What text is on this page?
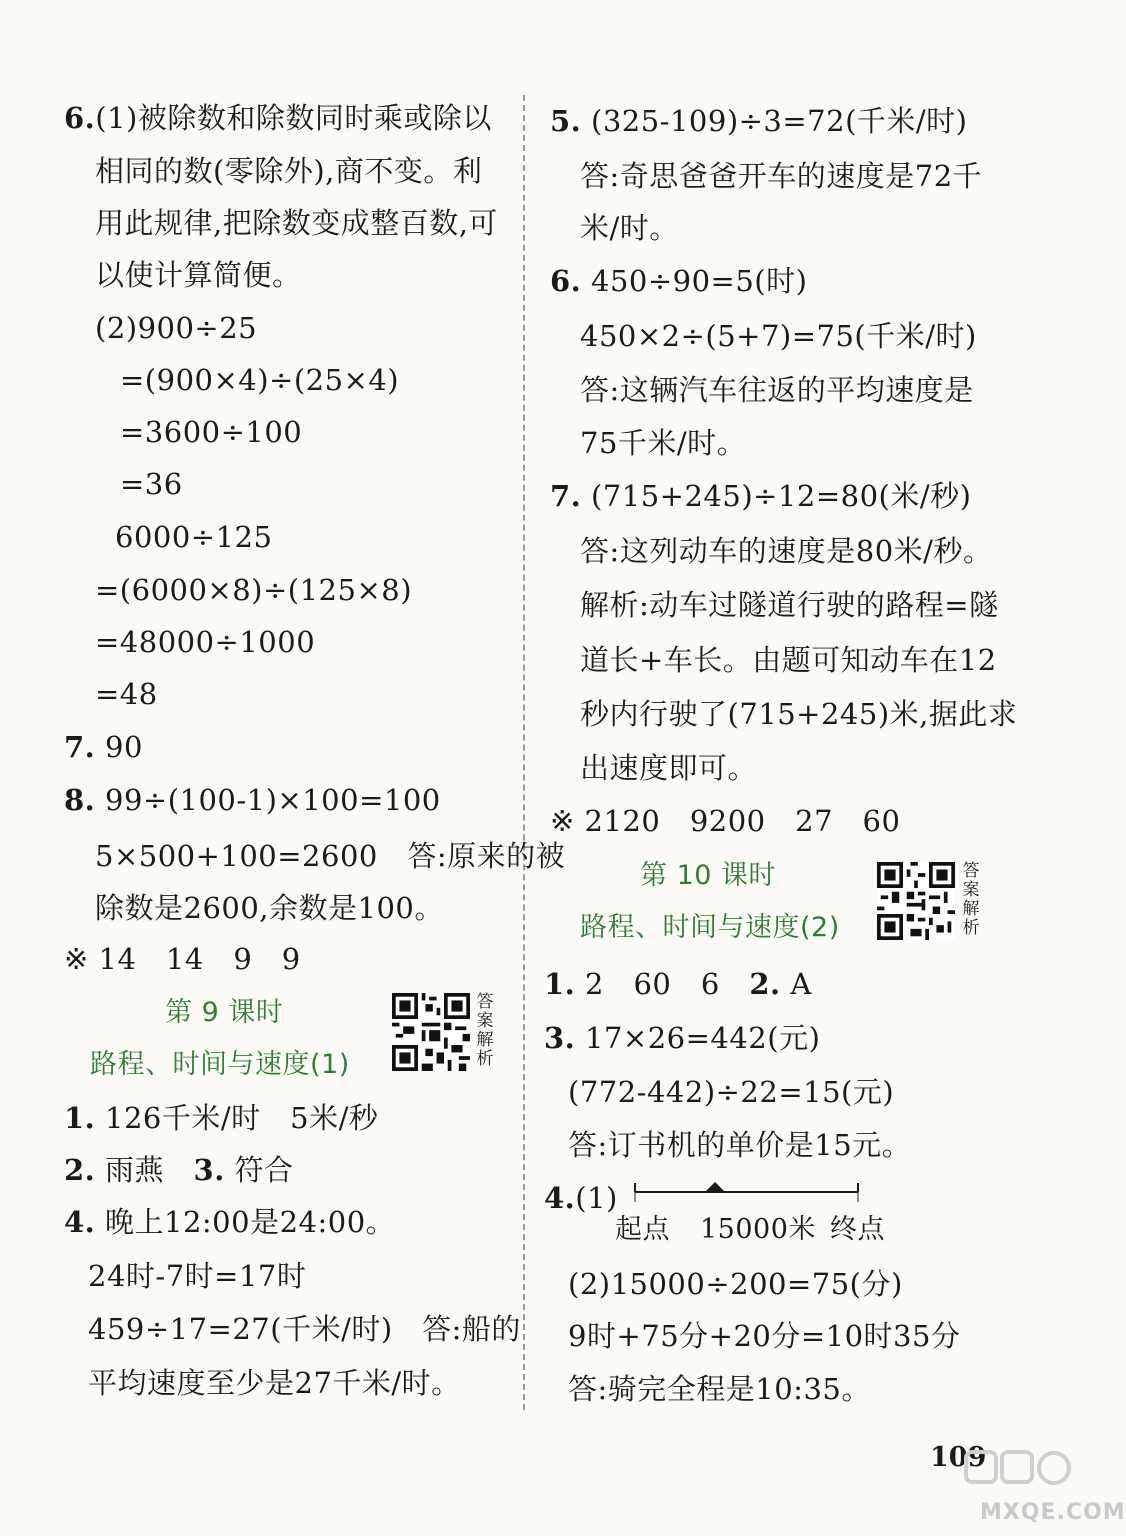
6.(1)被除数和除数同时乘或除以
相同的数(零除外),商不变。利
用此规律,把除数变成整百数,可
以使计算简便。
(2)900÷25
=(900×4)÷(25×4)
=3600÷100
=36
6000÷125
=(6000×8)÷(125×8)
=48000÷1000
=48
7. 90
8. 99÷(100-1)×100=100
5×500+100=2600　答:原来的被
除数是2600,余数是100。
※ 14　14　9　9
第 9 课时
路程、时间与速度(1)
答案解析
1. 126千米/时　5米/秒
2. 雨燕　 3. 符合
4. 晚上12:00是24:00。
24时-7时=17时
459÷17=27(千米/时)　答:船的
平均速度至少是27千米/时。
5. (325-109)÷3=72(千米/时)
答:奇思爸爸开车的速度是72千
米/时。
6. 450÷90=5(时)
450×2÷(5+7)=75(千米/时)
答:这辆汽车往返的平均速度是
75千米/时。
7. (715+245)÷12=80(米/秒)
答:这列动车的速度是80米/秒。
解析:动车过隧道行驶的路程=隧
道长+车长。由题可知动车在12
秒内行驶了(715+245)米,据此求
出速度即可。
※ 2120　9200　27　60
第 10 课时
路程、时间与速度(2)
答案解析
1. 2　60　6　 2. A
3. 17×26=442(元)
(772-442)÷22=15(元)
答:订书机的单价是15元。
4.(1)
起点 15000米 终点
(2)15000÷200=75(分)
9时+75分+20分=10时35分
答:骑完全程是10:35。
109
MXQE.COM
